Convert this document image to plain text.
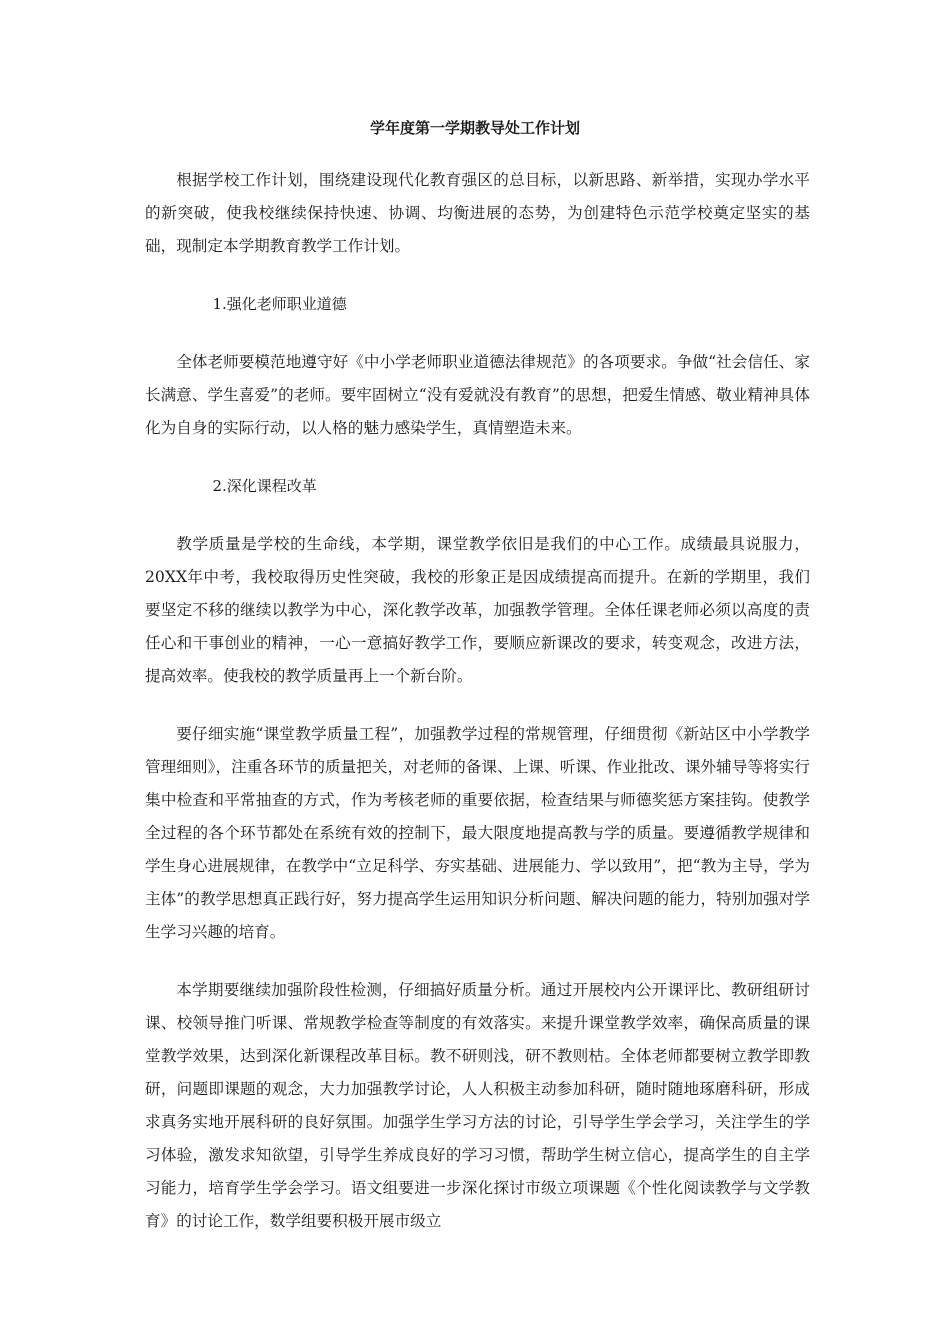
学年度第一学期教导处工作计划

根据学校工作计划，围绕建设现代化教育强区的总目标，以新思路、新举措，实现办学水平的新突破，使我校继续保持快速、协调、均衡进展的态势，为创建特色示范学校奠定坚实的基础，现制定本学期教育教学工作计划。

1.强化老师职业道德

全体老师要模范地遵守好《中小学老师职业道德法律规范》的各项要求。争做“社会信任、家长满意、学生喜爱”的老师。要牢固树立“没有爱就没有教育”的思想，把爱生情感、敬业精神具体化为自身的实际行动，以人格的魅力感染学生，真情塑造未来。

2.深化课程改革

教学质量是学校的生命线，本学期，课堂教学依旧是我们的中心工作。成绩最具说服力，20XX年中考，我校取得历史性突破，我校的形象正是因成绩提高而提升。在新的学期里，我们要坚定不移的继续以教学为中心，深化教学改革，加强教学管理。全体任课老师必须以高度的责任心和干事创业的精神，一心一意搞好教学工作，要顺应新课改的要求，转变观念，改进方法，提高效率。使我校的教学质量再上一个新台阶。

要仔细实施“课堂教学质量工程”，加强教学过程的常规管理，仔细贯彻《新站区中小学教学管理细则》，注重各环节的质量把关，对老师的备课、上课、听课、作业批改、课外辅导等将实行集中检查和平常抽查的方式，作为考核老师的重要依据，检查结果与师德奖惩方案挂钩。使教学全过程的各个环节都处在系统有效的控制下，最大限度地提高教与学的质量。要遵循教学规律和学生身心进展规律，在教学中“立足科学、夯实基础、进展能力、学以致用”，把“教为主导，学为主体”的教学思想真正践行好，努力提高学生运用知识分析问题、解决问题的能力，特别加强对学生学习兴趣的培育。

本学期要继续加强阶段性检测，仔细搞好质量分析。通过开展校内公开课评比、教研组研讨课、校领导推门听课、常规教学检查等制度的有效落实。来提升课堂教学效率，确保高质量的课堂教学效果，达到深化新课程改革目标。教不研则浅，研不教则枯。全体老师都要树立教学即教研，问题即课题的观念，大力加强教学讨论，人人积极主动参加科研，随时随地琢磨科研，形成求真务实地开展科研的良好氛围。加强学生学习方法的讨论，引导学生学会学习，关注学生的学习体验，激发求知欲望，引导学生养成良好的学习习惯，帮助学生树立信心，提高学生的自主学习能力，培育学生学会学习。语文组要进一步深化探讨市级立项课题《个性化阅读教学与文学教育》的讨论工作，数学组要积极开展市级立
